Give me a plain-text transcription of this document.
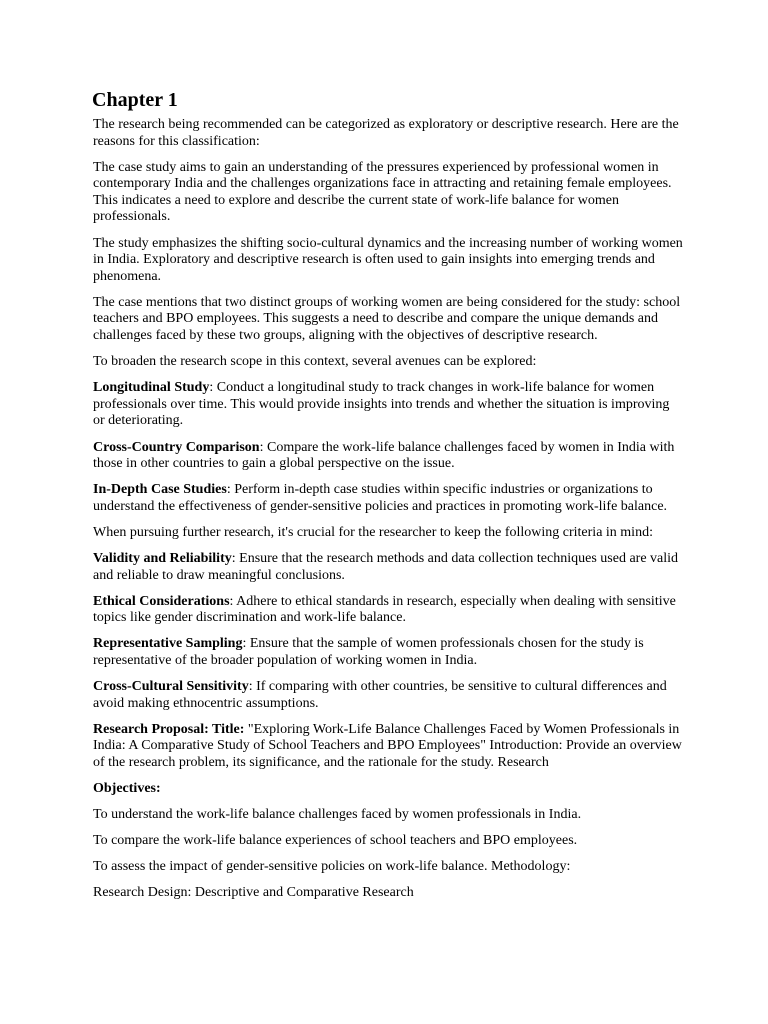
Chapter 1

The research being recommended can be categorized as exploratory or descriptive research. Here are the reasons for this classification:

The case study aims to gain an understanding of the pressures experienced by professional women in contemporary India and the challenges organizations face in attracting and retaining female employees. This indicates a need to explore and describe the current state of work-life balance for women professionals.

The study emphasizes the shifting socio-cultural dynamics and the increasing number of working women in India. Exploratory and descriptive research is often used to gain insights into emerging trends and phenomena.

The case mentions that two distinct groups of working women are being considered for the study: school teachers and BPO employees. This suggests a need to describe and compare the unique demands and challenges faced by these two groups, aligning with the objectives of descriptive research.

To broaden the research scope in this context, several avenues can be explored:

Longitudinal Study: Conduct a longitudinal study to track changes in work-life balance for women professionals over time. This would provide insights into trends and whether the situation is improving or deteriorating.

Cross-Country Comparison: Compare the work-life balance challenges faced by women in India with those in other countries to gain a global perspective on the issue.

In-Depth Case Studies: Perform in-depth case studies within specific industries or organizations to understand the effectiveness of gender-sensitive policies and practices in promoting work-life balance.

When pursuing further research, it's crucial for the researcher to keep the following criteria in mind:

Validity and Reliability: Ensure that the research methods and data collection techniques used are valid and reliable to draw meaningful conclusions.

Ethical Considerations: Adhere to ethical standards in research, especially when dealing with sensitive topics like gender discrimination and work-life balance.

Representative Sampling: Ensure that the sample of women professionals chosen for the study is representative of the broader population of working women in India.

Cross-Cultural Sensitivity: If comparing with other countries, be sensitive to cultural differences and avoid making ethnocentric assumptions.

Research Proposal: Title: "Exploring Work-Life Balance Challenges Faced by Women Professionals in India: A Comparative Study of School Teachers and BPO Employees" Introduction: Provide an overview of the research problem, its significance, and the rationale for the study. Research

Objectives:

To understand the work-life balance challenges faced by women professionals in India.

To compare the work-life balance experiences of school teachers and BPO employees.

To assess the impact of gender-sensitive policies on work-life balance. Methodology:

Research Design: Descriptive and Comparative Research
